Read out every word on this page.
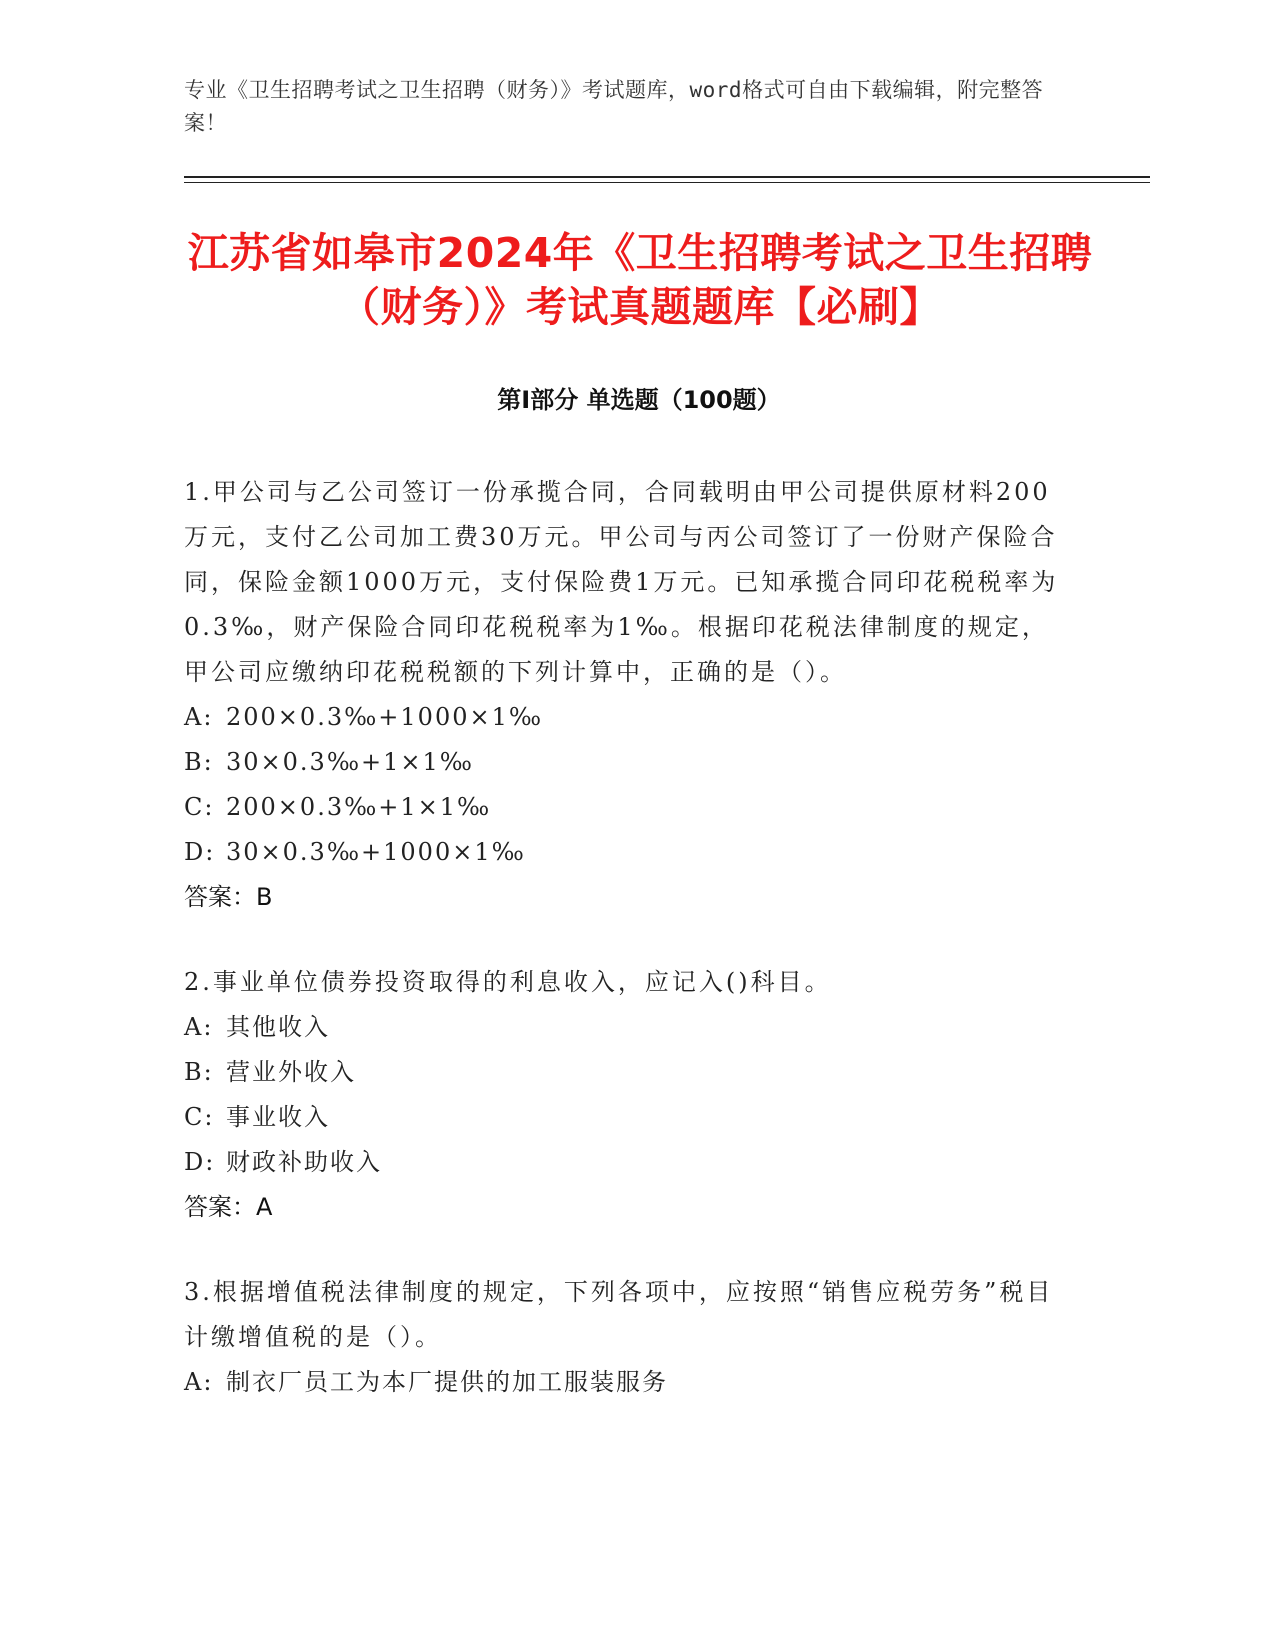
专业《卫生招聘考试之卫生招聘（财务）》考试题库，word格式可自由下载编辑，附完整答案！

江苏省如皋市2024年《卫生招聘考试之卫生招聘（财务）》考试真题题库【必刷】
第Ⅰ部分 单选题（100题）

1.甲公司与乙公司签订一份承揽合同，合同载明由甲公司提供原材料200万元，支付乙公司加工费30万元。甲公司与丙公司签订了一份财产保险合同，保险金额1000万元，支付保险费1万元。已知承揽合同印花税税率为0.3‰，财产保险合同印花税税率为1‰。根据印花税法律制度的规定，甲公司应缴纳印花税税额的下列计算中，正确的是（）。

A: 200×0.3‰+1000×1‰

B: 30×0.3‰+1×1‰

C: 200×0.3‰+1×1‰

D: 30×0.3‰+1000×1‰

答案：B

2.事业单位债券投资取得的利息收入，应记入()科目。

A: 其他收入

B: 营业外收入

C: 事业收入

D: 财政补助收入

答案：A

3.根据增值税法律制度的规定，下列各项中，应按照“销售应税劳务”税目计缴增值税的是（）。

A: 制衣厂员工为本厂提供的加工服装服务
